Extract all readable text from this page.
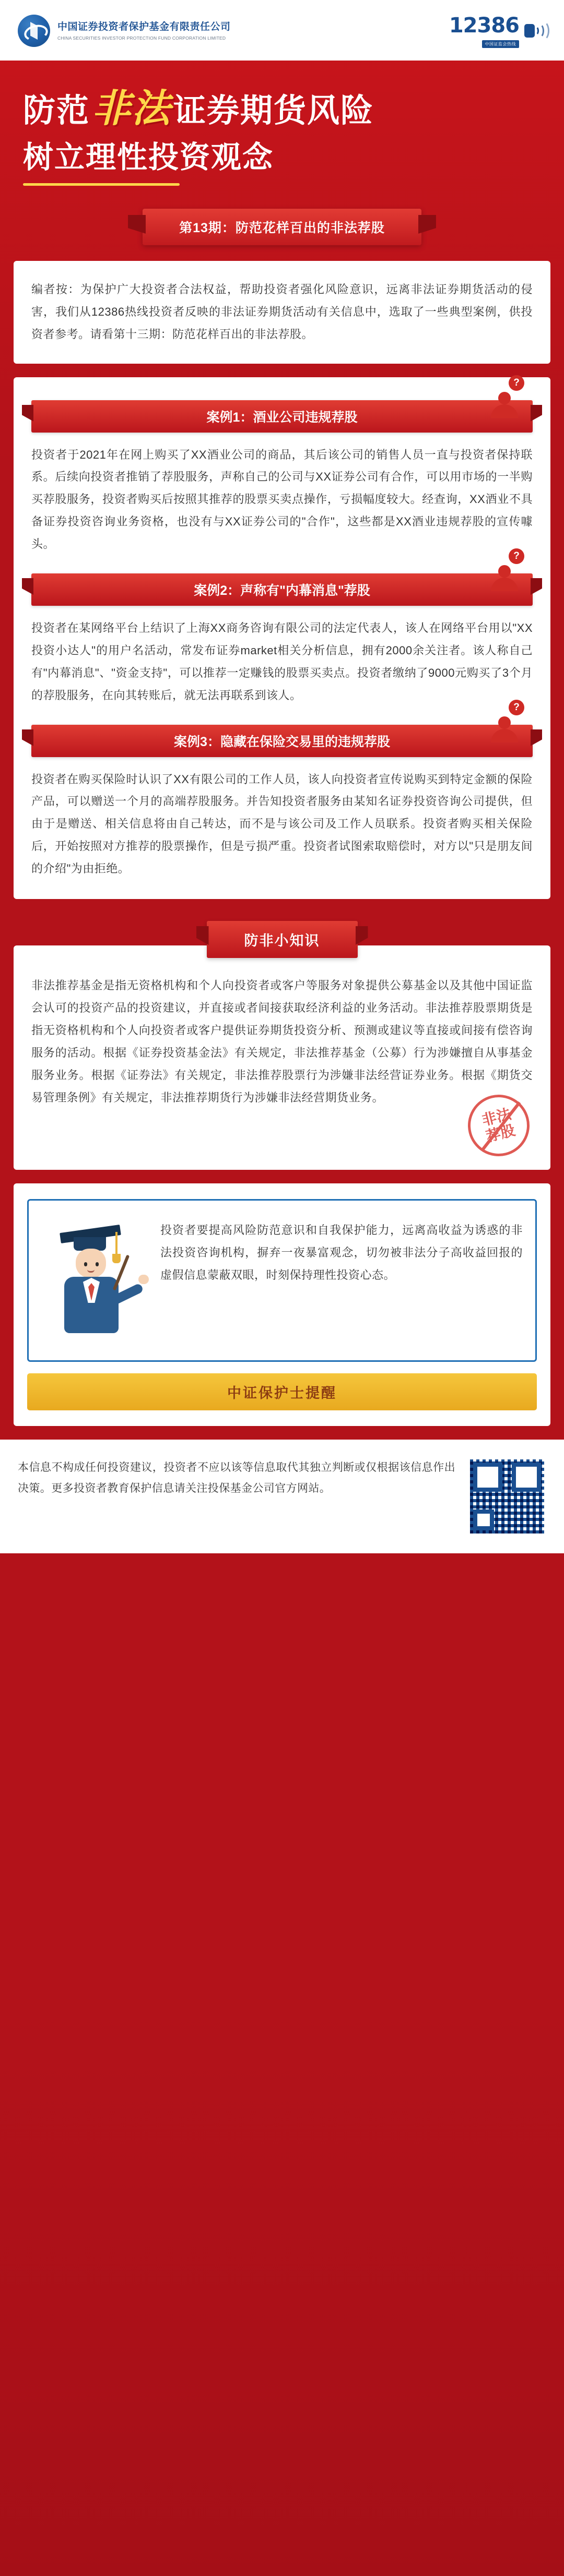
中国证券投资者保护基金有限责任公司
CHINA SECURITIES INVESTOR PROTECTION FUND CORPORATION LIMITED
12386
中国证监会热线
防范非法证券期货风险
树立理性投资观念
第13期：防范花样百出的非法荐股
编者按：为保护广大投资者合法权益，帮助投资者强化风险意识，远离非法证券期货活动的侵害，我们从12386热线投资者反映的非法证券期货活动有关信息中，选取了一些典型案例，供投资者参考。请看第十三期：防范花样百出的非法荐股。
?
案例1：酒业公司违规荐股
投资者于2021年在网上购买了XX酒业公司的商品，其后该公司的销售人员一直与投资者保持联系。后续向投资者推销了荐股服务，声称自己的公司与XX证券公司有合作，可以用市场的一半购买荐股服务，投资者购买后按照其推荐的股票买卖点操作，亏损幅度较大。经查询，XX酒业不具备证券投资咨询业务资格，也没有与XX证券公司的"合作"，这些都是XX酒业违规荐股的宣传噱头。
?
案例2：声称有"内幕消息"荐股
投资者在某网络平台上结识了上海XX商务咨询有限公司的法定代表人，该人在网络平台用以"XX投资小达人"的用户名活动，常发布证券market相关分析信息，拥有2000余关注者。该人称自己有"内幕消息"、"资金支持"，可以推荐一定赚钱的股票买卖点。投资者缴纳了9000元购买了3个月的荐股服务，在向其转账后，就无法再联系到该人。
?
案例3：隐藏在保险交易里的违规荐股
投资者在购买保险时认识了XX有限公司的工作人员，该人向投资者宣传说购买到特定金额的保险产品，可以赠送一个月的高端荐股服务。并告知投资者服务由某知名证券投资咨询公司提供，但由于是赠送、相关信息将由自己转达，而不是与该公司及工作人员联系。投资者购买相关保险后，开始按照对方推荐的股票操作，但是亏损严重。投资者试图索取赔偿时，对方以"只是朋友间的介绍"为由拒绝。
防非小知识
非法推荐基金是指无资格机构和个人向投资者或客户等服务对象提供公募基金以及其他中国证监会认可的投资产品的投资建议，并直接或者间接获取经济利益的业务活动。非法推荐股票期货是指无资格机构和个人向投资者或客户提供证券期货投资分析、预测或建议等直接或间接有偿咨询服务的活动。根据《证券投资基金法》有关规定，非法推荐基金（公募）行为涉嫌擅自从事基金服务业务。根据《证券法》有关规定，非法推荐股票行为涉嫌非法经营证券业务。根据《期货交易管理条例》有关规定，非法推荐期货行为涉嫌非法经营期货业务。
非法荐股
投资者要提高风险防范意识和自我保护能力，远离高收益为诱惑的非法投资咨询机构，摒弃一夜暴富观念，切勿被非法分子高收益回报的虚假信息蒙蔽双眼，时刻保持理性投资心态。
中证保护士提醒
本信息不构成任何投资建议，投资者不应以该等信息取代其独立判断或仅根据该信息作出决策。更多投资者教育保护信息请关注投保基金公司官方网站。
